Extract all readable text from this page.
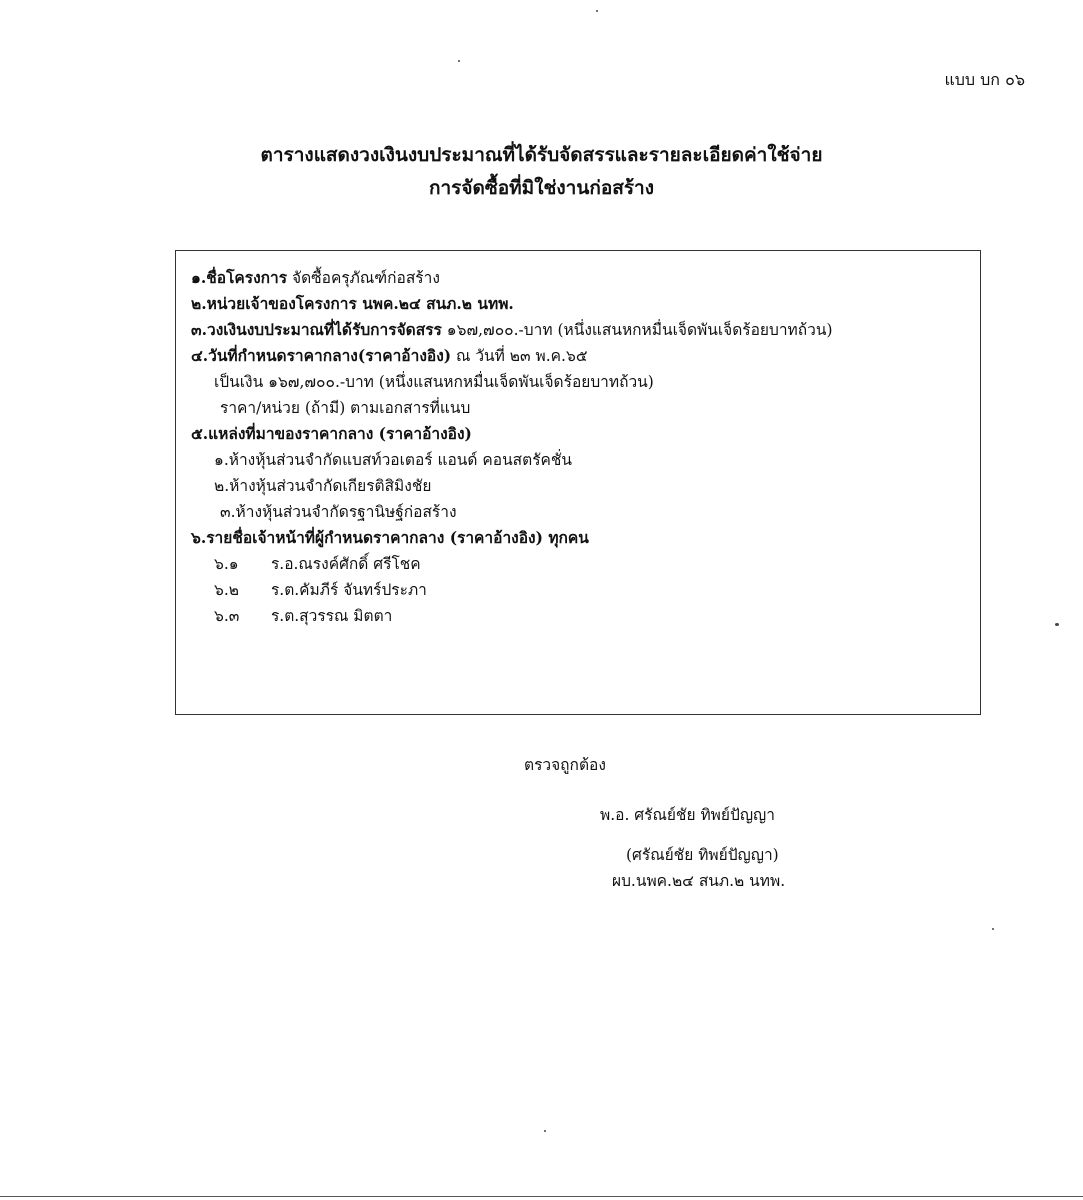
แบบ บก ๐๖
ตารางแสดงวงเงินงบประมาณที่ได้รับจัดสรรและรายละเอียดค่าใช้จ่าย
การจัดซื้อที่มิใช่งานก่อสร้าง
๑.ชื่อโครงการ จัดซื้อครุภัณฑ์ก่อสร้าง
๒.หน่วยเจ้าของโครงการ นพค.๒๔ สนภ.๒ นทพ.
๓.วงเงินงบประมาณที่ได้รับการจัดสรร ๑๖๗,๗๐๐.-บาท (หนึ่งแสนหกหมื่นเจ็ดพันเจ็ดร้อยบาทถ้วน)
๔.วันที่กำหนดราคากลาง(ราคาอ้างอิง) ณ วันที่ ๒๓ พ.ค.๖๕
เป็นเงิน ๑๖๗,๗๐๐.-บาท (หนึ่งแสนหกหมื่นเจ็ดพันเจ็ดร้อยบาทถ้วน)
ราคา/หน่วย (ถ้ามี) ตามเอกสารที่แนบ
๕.แหล่งที่มาของราคากลาง (ราคาอ้างอิง)
๑.ห้างหุ้นส่วนจำกัดแบสท์วอเตอร์ แอนด์ คอนสตรัคชั่น
๒.ห้างหุ้นส่วนจำกัดเกียรติสิมิงชัย
๓.ห้างหุ้นส่วนจำกัดรฐานิษฐ์ก่อสร้าง
๖.รายชื่อเจ้าหน้าที่ผู้กำหนดราคากลาง (ราคาอ้างอิง) ทุกคน
๖.๑ ร.อ.ณรงค์ศักดิ์ ศรีโชค
๖.๒ ร.ต.คัมภีร์ จันทร์ประภา
๖.๓ ร.ต.สุวรรณ มิตตา
ตรวจถูกต้อง
พ.อ. ศรัณย์ชัย ทิพย์ปัญญา
(ศรัณย์ชัย ทิพย์ปัญญา)
ผบ.นพค.๒๔ สนภ.๒ นทพ.
